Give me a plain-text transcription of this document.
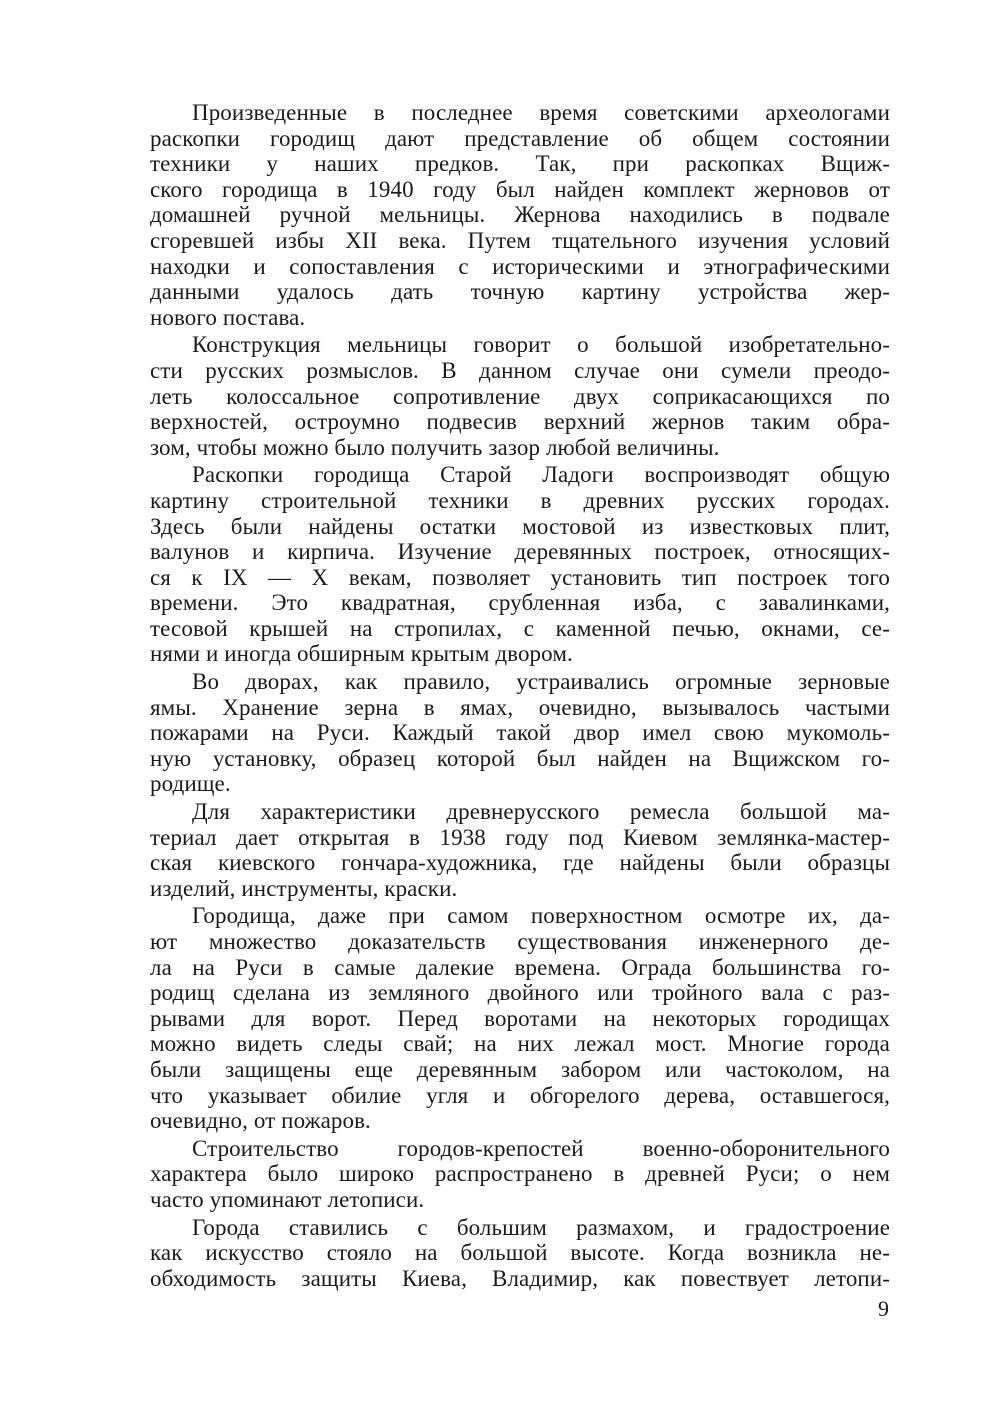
Произведенные в последнее время советскими археологами
раскопки городищ дают представление об общем состоянии
техники у наших предков. Так, при раскопках Вщиж-
ского городища в 1940 году был найден комплект жерновов от
домашней ручной мельницы. Жернова находились в подвале
сгоревшей избы XII века. Путем тщательного изучения условий
находки и сопоставления с историческими и этнографическими
данными удалось дать точную картину устройства жер-
нового постава.
Конструкция мельницы говорит о большой изобретательно-
сти русских розмыслов. В данном случае они сумели преодо-
леть колоссальное сопротивление двух соприкасающихся по
верхностей, остроумно подвесив верхний жернов таким обра-
зом, чтобы можно было получить зазор любой величины.
Раскопки городища Старой Ладоги воспроизводят общую
картину строительной техники в древних русских городах.
Здесь были найдены остатки мостовой из известковых плит,
валунов и кирпича. Изучение деревянных построек, относящих-
ся к IX — X векам, позволяет установить тип построек того
времени. Это квадратная, срубленная изба, с завалинками,
тесовой крышей на стропилах, с каменной печью, окнами, се-
нями и иногда обширным крытым двором.
Во дворах, как правило, устраивались огромные зерновые
ямы. Хранение зерна в ямах, очевидно, вызывалось частыми
пожарами на Руси. Каждый такой двор имел свою мукомоль-
ную установку, образец которой был найден на Вщижском го-
родище.
Для характеристики древнерусского ремесла большой ма-
териал дает открытая в 1938 году под Киевом землянка-мастер-
ская киевского гончара-художника, где найдены были образцы
изделий, инструменты, краски.
Городища, даже при самом поверхностном осмотре их, да-
ют множество доказательств существования инженерного де-
ла на Руси в самые далекие времена. Ограда большинства го-
родищ сделана из земляного двойного или тройного вала с раз-
рывами для ворот. Перед воротами на некоторых городищах
можно видеть следы свай; на них лежал мост. Многие города
были защищены еще деревянным забором или частоколом, на
что указывает обилие угля и обгорелого дерева, оставшегося,
очевидно, от пожаров.
Строительство городов-крепостей военно-оборонительного
характера было широко распространено в древней Руси; о нем
часто упоминают летописи.
Города ставились с большим размахом, и градостроение
как искусство стояло на большой высоте. Когда возникла не-
обходимость защиты Киева, Владимир, как повествует летопи-
9
